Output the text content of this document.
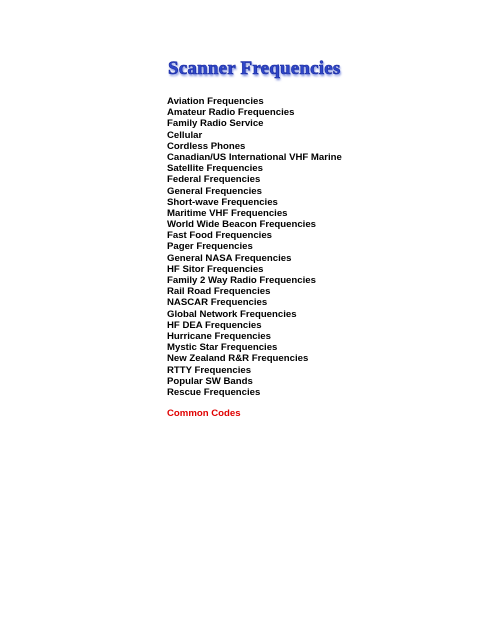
Scanner Frequencies
Aviation Frequencies
Amateur Radio Frequencies
Family Radio Service
Cellular
Cordless Phones
Canadian/US International VHF Marine
Satellite Frequencies
Federal Frequencies
General Frequencies
Short-wave Frequencies
Maritime VHF Frequencies
World Wide Beacon Frequencies
Fast Food Frequencies
Pager Frequencies
General NASA Frequencies
HF Sitor Frequencies
Family 2 Way Radio Frequencies
Rail Road Frequencies
NASCAR Frequencies
Global Network Frequencies
HF DEA Frequencies
Hurricane Frequencies
Mystic Star Frequencies
New Zealand R&R Frequencies
RTTY Frequencies
Popular SW Bands
Rescue Frequencies
Common Codes
